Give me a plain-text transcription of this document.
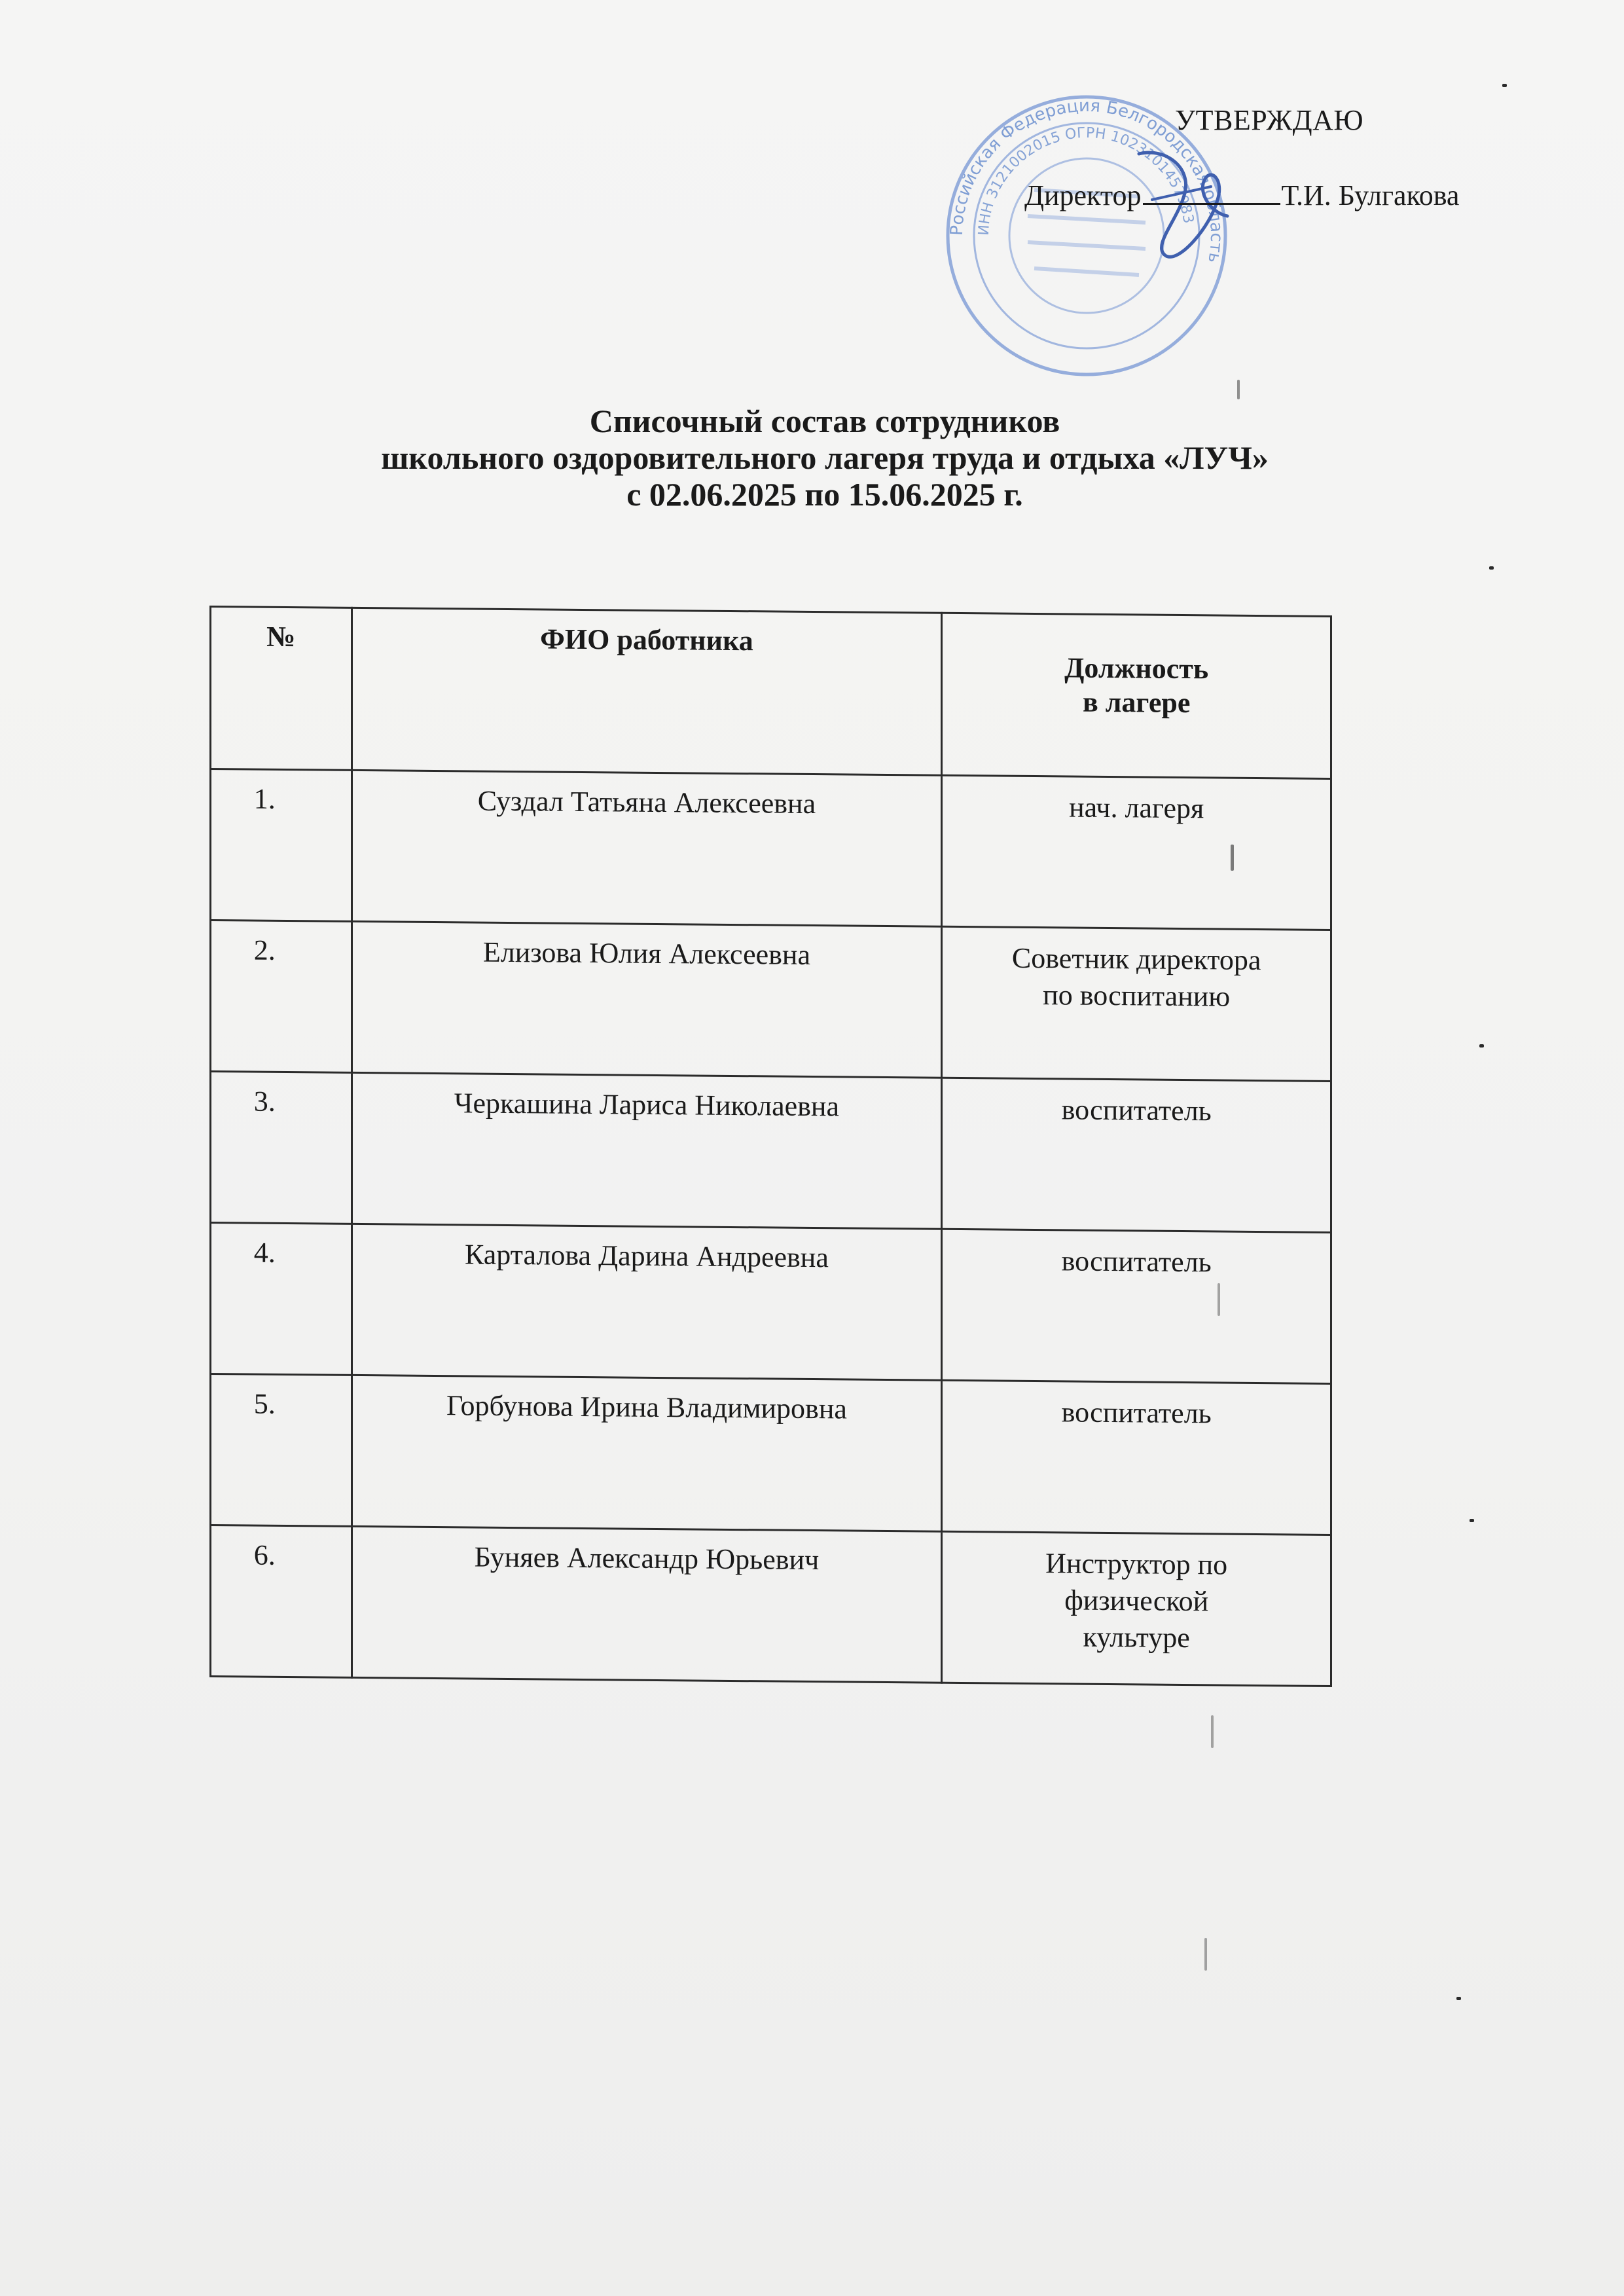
Российская Федерация Белгородская область
ИНН 3121002015 ОГРН 1023101457983
УТВЕРЖДАЮ
Директор	Т.И. Булгакова
Списочный состав сотрудников
школьного оздоровительного лагеря труда и отдыха «ЛУЧ»
с 02.06.2025 по 15.06.2025 г.
№	ФИО работника	Должность
в лагере

1.	Суздал Татьяна Алексеевна	нач. лагеря

2.	Елизова Юлия Алексеевна	Советник директора
по воспитанию

3.	Черкашина Лариса Николаевна	воспитатель

4.	Карталова Дарина Андреевна	воспитатель

5.	Горбунова Ирина Владимировна	воспитатель

6.	Буняев Александр Юрьевич	Инструктор по
физической
культуре
